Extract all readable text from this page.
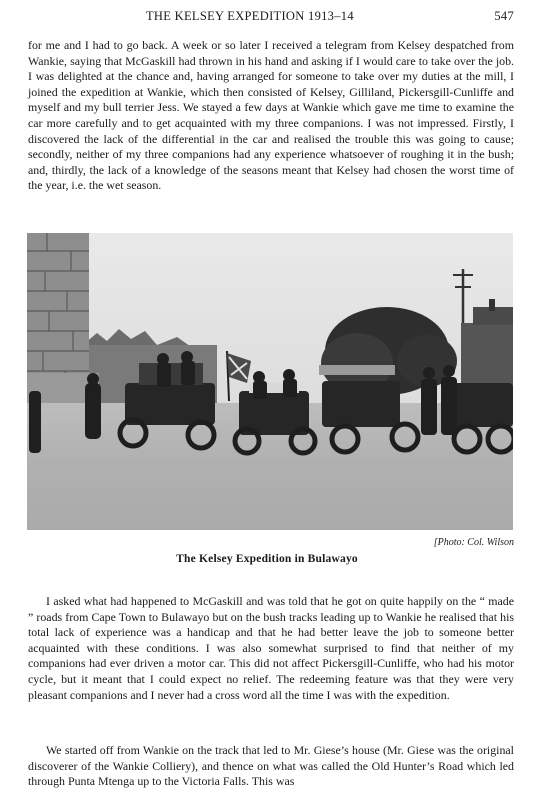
THE KELSEY EXPEDITION 1913–14	547

for me and I had to go back. A week or so later I received a telegram from Kelsey despatched from Wankie, saying that McGaskill had thrown in his hand and asking if I would care to take over the job. I was delighted at the chance and, having arranged for someone to take over my duties at the mill, I joined the expedition at Wankie, which then consisted of Kelsey, Gilliland, Pickersgill-Cunliffe and myself and my bull terrier Jess. We stayed a few days at Wankie which gave me time to examine the car more carefully and to get acquainted with my three companions. I was not impressed. Firstly, I discovered the lack of the differential in the car and realised the trouble this was going to cause; secondly, neither of my three companions had any experience whatsoever of roughing it in the bush; and, thirdly, the lack of a knowledge of the seasons meant that Kelsey had chosen the worst time of the year, i.e. the wet season.

[Photo: Col. Wilson
The Kelsey Expedition in Bulawayo

I asked what had happened to McGaskill and was told that he got on quite happily on the “ made ” roads from Cape Town to Bulawayo but on the bush tracks leading up to Wankie he realised that his total lack of experience was a handicap and that he had better leave the job to someone better acquainted with these conditions. I was also somewhat surprised to find that neither of my companions had ever driven a motor car. This did not affect Pickersgill-Cunliffe, who had his motor cycle, but it meant that I could expect no relief. The redeeming feature was that they were very pleasant companions and I never had a cross word all the time I was with the expedition.

We started off from Wankie on the track that led to Mr. Giese’s house (Mr. Giese was the original discoverer of the Wankie Colliery), and thence on what was called the Old Hunter’s Road which led through Punta Mtenga up to the Victoria Falls. This was
